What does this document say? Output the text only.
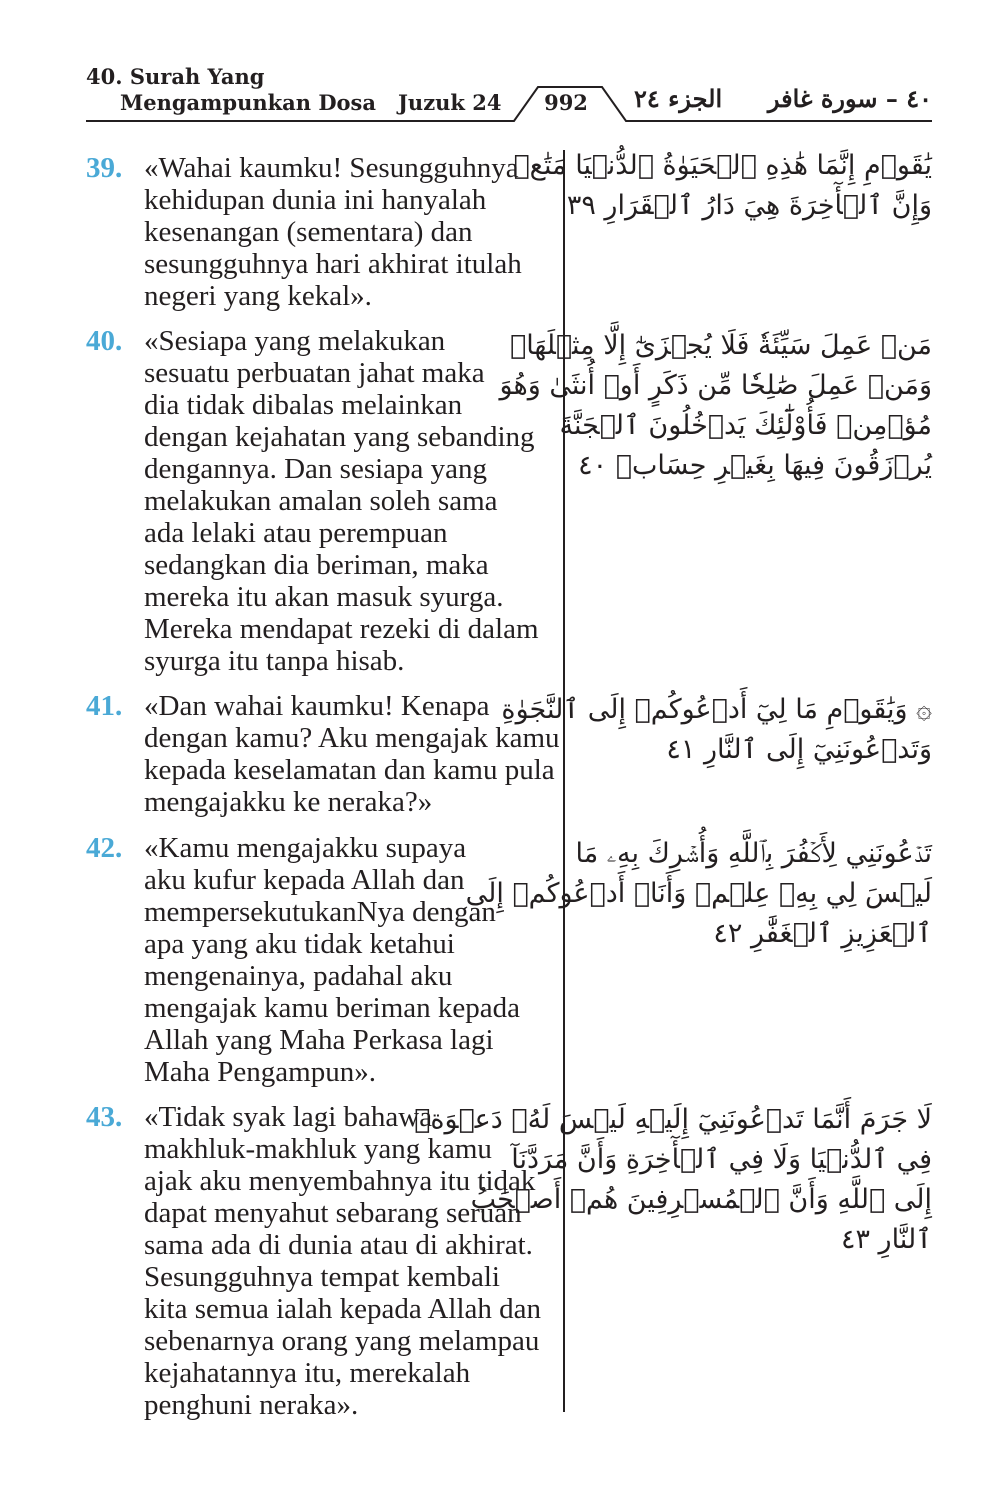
40. Surah Yang
Mengampunkan Dosa Juzuk 24	992	الجزء ٢٤ ٤٠ – سورة غافر
39. «Wahai kaumku! Sesungguhnya
kehidupan dunia ini hanyalah
kesenangan (sementara) dan
sesungguhnya hari akhirat itulah
negeri yang kekal».
يَٰقَوۡمِ إِنَّمَا هَٰذِهِ ٱلۡحَيَوٰةُ ٱلدُّنۡيَا مَتَٰعٞ
وَإِنَّ ٱلۡأٓخِرَةَ هِيَ دَارُ ٱلۡقَرَارِ ٣٩
40. «Sesiapa yang melakukan
sesuatu perbuatan jahat maka
dia tidak dibalas melainkan
dengan kejahatan yang sebanding
dengannya. Dan sesiapa yang
melakukan amalan soleh sama
ada lelaki atau perempuan
sedangkan dia beriman, maka
mereka itu akan masuk syurga.
Mereka mendapat rezeki di dalam
syurga itu tanpa hisab.
مَنۡ عَمِلَ سَيِّئَةٗ فَلَا يُجۡزَىٰٓ إِلَّا مِثۡلَهَاۖ
وَمَنۡ عَمِلَ صَٰلِحٗا مِّن ذَكَرٍ أَوۡ أُنثَىٰ وَهُوَ
مُؤۡمِنٞ فَأُوْلَٰٓئِكَ يَدۡخُلُونَ ٱلۡجَنَّةَ
يُرۡزَقُونَ فِيهَا بِغَيۡرِ حِسَابٖ ٤٠
41. «Dan wahai kaumku! Kenapa
dengan kamu? Aku mengajak kamu
kepada keselamatan dan kamu pula
mengajakku ke neraka?»
۞ وَيَٰقَوۡمِ مَا لِيٓ أَدۡعُوكُمۡ إِلَى ٱلنَّجَوٰةِ
وَتَدۡعُونَنِيٓ إِلَى ٱلنَّارِ ٤١
42. «Kamu mengajakku supaya
aku kufur kepada Allah dan
mempersekutukanNya dengan
apa yang aku tidak ketahui
mengenainya, padahal aku
mengajak kamu beriman kepada
Allah yang Maha Perkasa lagi
Maha Pengampun».
تَدۡعُونَنِي لِأَكۡفُرَ بِٱللَّهِ وَأُشۡرِكَ بِهِۦ مَا
لَيۡسَ لِي بِهِۦ عِلۡمٞ وَأَنَا۠ أَدۡعُوكُمۡ إِلَى
ٱلۡعَزِيزِ ٱلۡغَفَّٰرِ ٤٢
43. «Tidak syak lagi bahawa
makhluk-makhluk yang kamu
ajak aku menyembahnya itu tidak
dapat menyahut sebarang seruan
sama ada di dunia atau di akhirat.
Sesungguhnya tempat kembali
kita semua ialah kepada Allah dan
sebenarnya orang yang melampau
kejahatannya itu, merekalah
penghuni neraka».
لَا جَرَمَ أَنَّمَا تَدۡعُونَنِيٓ إِلَيۡهِ لَيۡسَ لَهُۥ دَعۡوَةٞ
فِي ٱلدُّنۡيَا وَلَا فِي ٱلۡأٓخِرَةِ وَأَنَّ مَرَدَّنَآ
إِلَى ٱللَّهِ وَأَنَّ ٱلۡمُسۡرِفِينَ هُمۡ أَصۡحَٰبُ
ٱلنَّارِ ٤٣
